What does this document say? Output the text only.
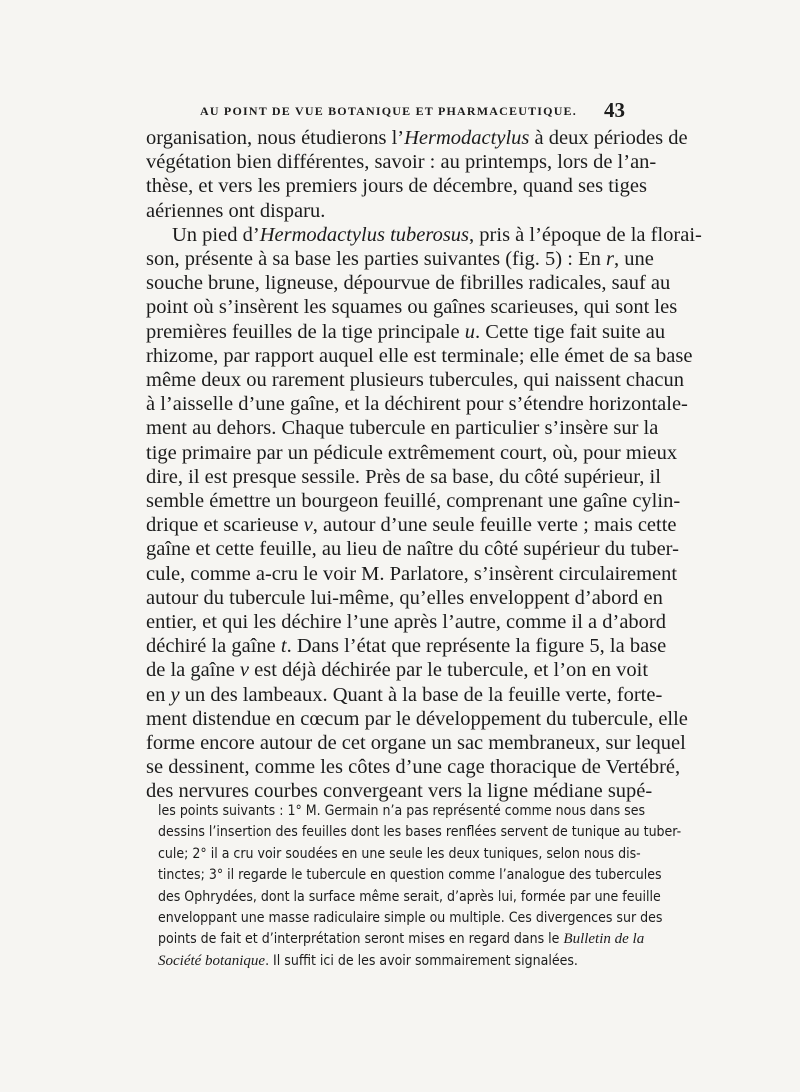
AU POINT DE VUE BOTANIQUE ET PHARMACEUTIQUE. 43
organisation, nous étudierons l’Hermodactylus à deux périodes de
végétation bien différentes, savoir : au printemps, lors de l’an-
thèse, et vers les premiers jours de décembre, quand ses tiges
aériennes ont disparu.
Un pied d’Hermodactylus tuberosus, pris à l’époque de la florai-
son, présente à sa base les parties suivantes (fig. 5) : En r, une
souche brune, ligneuse, dépourvue de fibrilles radicales, sauf au
point où s’insèrent les squames ou gaînes scarieuses, qui sont les
premières feuilles de la tige principale u. Cette tige fait suite au
rhizome, par rapport auquel elle est terminale; elle émet de sa base
même deux ou rarement plusieurs tubercules, qui naissent chacun
à l’aisselle d’une gaîne, et la déchirent pour s’étendre horizontale-
ment au dehors. Chaque tubercule en particulier s’insère sur la
tige primaire par un pédicule extrêmement court, où, pour mieux
dire, il est presque sessile. Près de sa base, du côté supérieur, il
semble émettre un bourgeon feuillé, comprenant une gaîne cylin-
drique et scarieuse v, autour d’une seule feuille verte ; mais cette
gaîne et cette feuille, au lieu de naître du côté supérieur du tuber-
cule, comme a-cru le voir M. Parlatore, s’insèrent circulairement
autour du tubercule lui-même, qu’elles enveloppent d’abord en
entier, et qui les déchire l’une après l’autre, comme il a d’abord
déchiré la gaîne t. Dans l’état que représente la figure 5, la base
de la gaîne v est déjà déchirée par le tubercule, et l’on en voit
en y un des lambeaux. Quant à la base de la feuille verte, forte-
ment distendue en cœcum par le développement du tubercule, elle
forme encore autour de cet organe un sac membraneux, sur lequel
se dessinent, comme les côtes d’une cage thoracique de Vertébré,
des nervures courbes convergeant vers la ligne médiane supé-
les points suivants : 1° M. Germain n’a pas représenté comme nous dans ses
dessins l’insertion des feuilles dont les bases renflées servent de tunique au tuber-
cule; 2° il a cru voir soudées en une seule les deux tuniques, selon nous dis-
tinctes; 3° il regarde le tubercule en question comme l’analogue des tubercules
des Ophrydées, dont la surface même serait, d’après lui, formée par une feuille
enveloppant une masse radiculaire simple ou multiple. Ces divergences sur des
points de fait et d’interprétation seront mises en regard dans le Bulletin de la
Société botanique. Il suffit ici de les avoir sommairement signalées.
